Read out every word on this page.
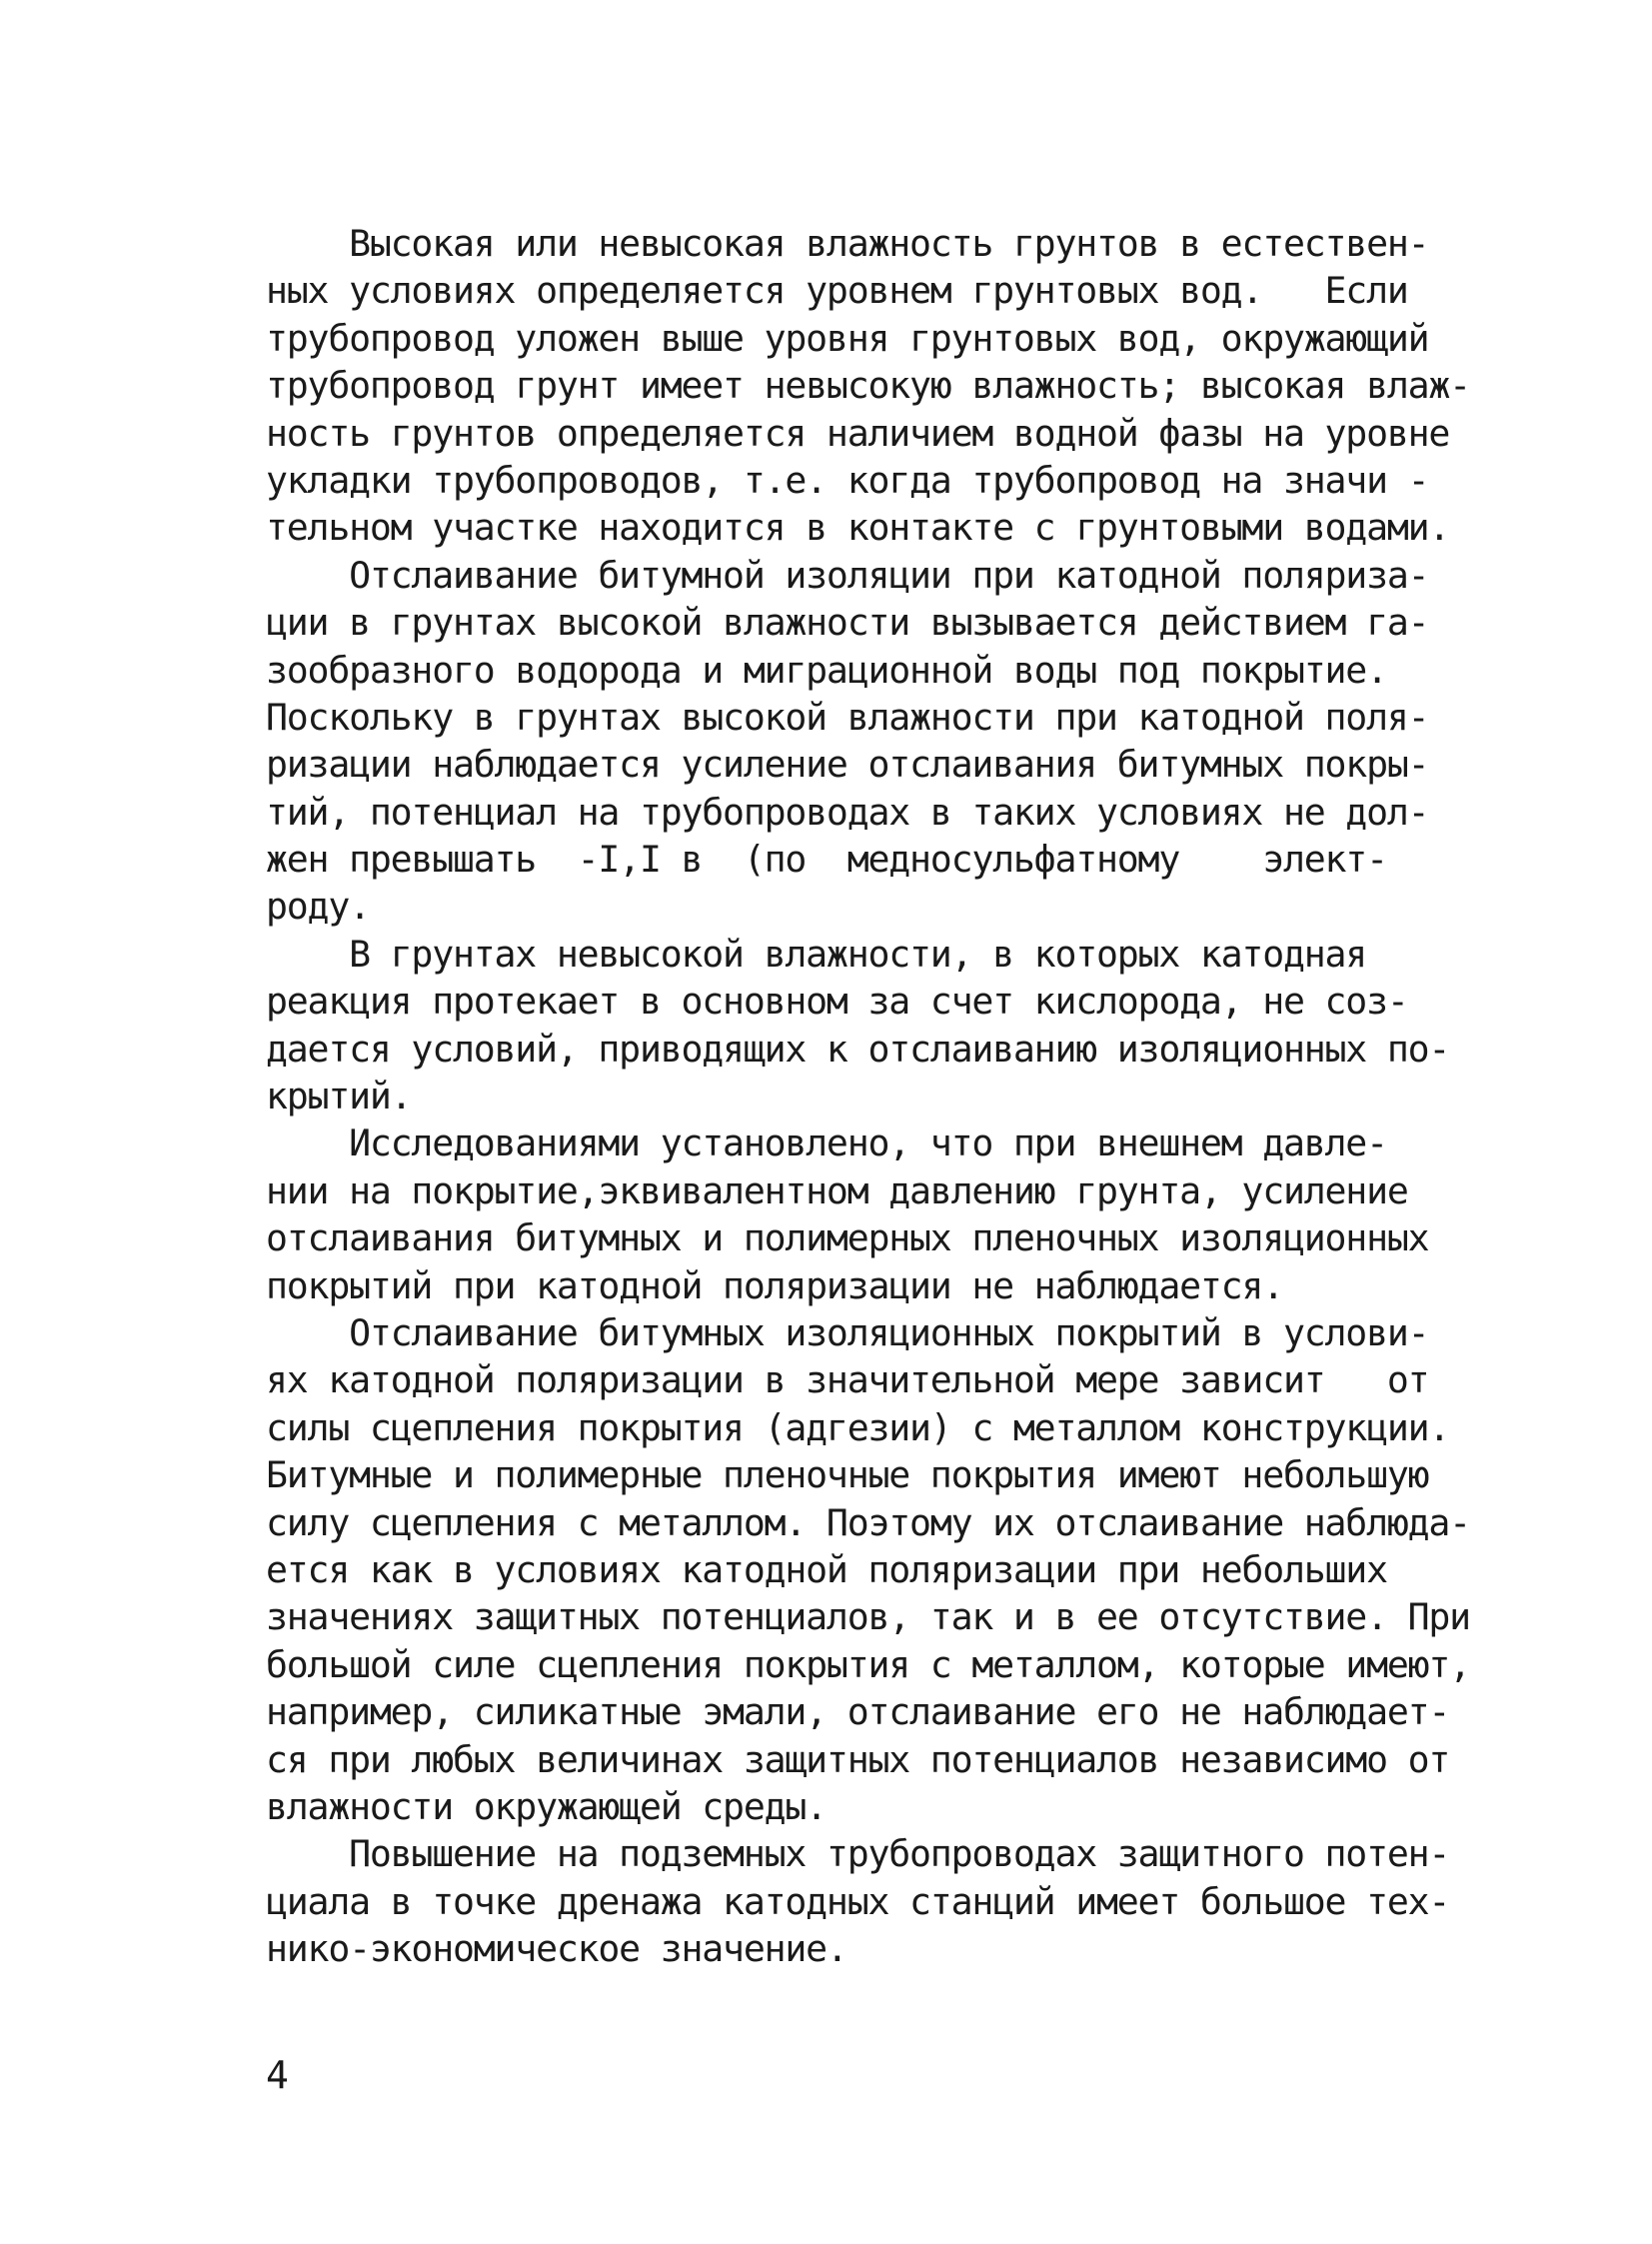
Высокая или невысокая влажность грунтов в естествен-
ных условиях определяется уровнем грунтовых вод.   Если
трубопровод уложен выше уровня грунтовых вод, окружающий
трубопровод грунт имеет невысокую влажность; высокая влаж-
ность грунтов определяется наличием водной фазы на уровне
укладки трубопроводов, т.е. когда трубопровод на значи -
тельном участке находится в контакте с грунтовыми водами.
Отслаивание битумной изоляции при катодной поляриза-
ции в грунтах высокой влажности вызывается действием га-
зообразного водорода и миграционной воды под покрытие.
Поскольку в грунтах высокой влажности при катодной поля-
ризации наблюдается усиление отслаивания битумных покры-
тий, потенциал на трубопроводах в таких условиях не дол-
жен превышать  -I,I в  (по  медносульфатному    элект-
роду.
В грунтах невысокой влажности, в которых катодная
реакция протекает в основном за счет кислорода, не соз-
дается условий, приводящих к отслаиванию изоляционных по-
крытий.
Исследованиями установлено, что при внешнем давле-
нии на покрытие,эквивалентном давлению грунта, усиление
отслаивания битумных и полимерных пленочных изоляционных
покрытий при катодной поляризации не наблюдается.
Отслаивание битумных изоляционных покрытий в услови-
ях катодной поляризации в значительной мере зависит   от
силы сцепления покрытия (адгезии) с металлом конструкции.
Битумные и полимерные пленочные покрытия имеют небольшую
силу сцепления с металлом. Поэтому их отслаивание наблюда-
ется как в условиях катодной поляризации при небольших
значениях защитных потенциалов, так и в ее отсутствие. При
большой силе сцепления покрытия с металлом, которые имеют,
например, силикатные эмали, отслаивание его не наблюдает-
ся при любых величинах защитных потенциалов независимо от
влажности окружающей среды.
Повышение на подземных трубопроводах защитного потен-
циала в точке дренажа катодных станций имеет большое тех-
нико-экономическое значение.
4
